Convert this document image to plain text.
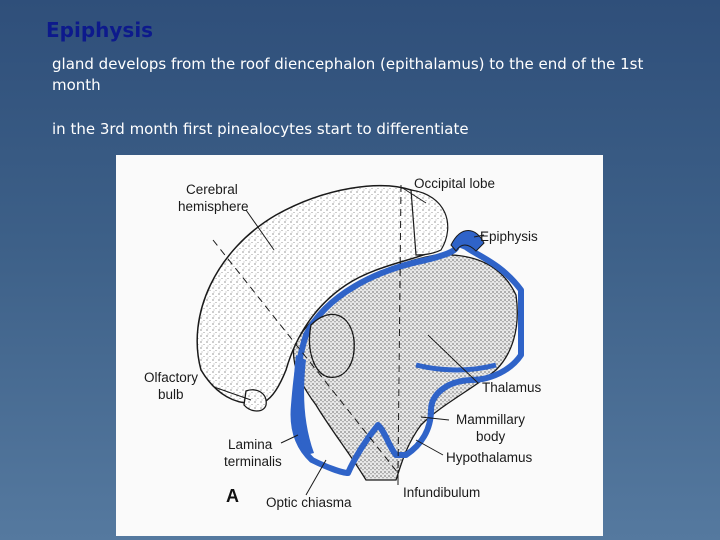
Epiphysis

gland develops from the roof diencephalon (epithalamus) to the end of the 1st month

in the 3rd month first pinealocytes start to differentiate

Cerebral
hemisphere
Occipital lobe
Epiphysis
Olfactory
bulb	Thalamus
Mammillary
body
Lamina
terminalis	Hypothalamus
A Optic chiasma
Infundibulum
